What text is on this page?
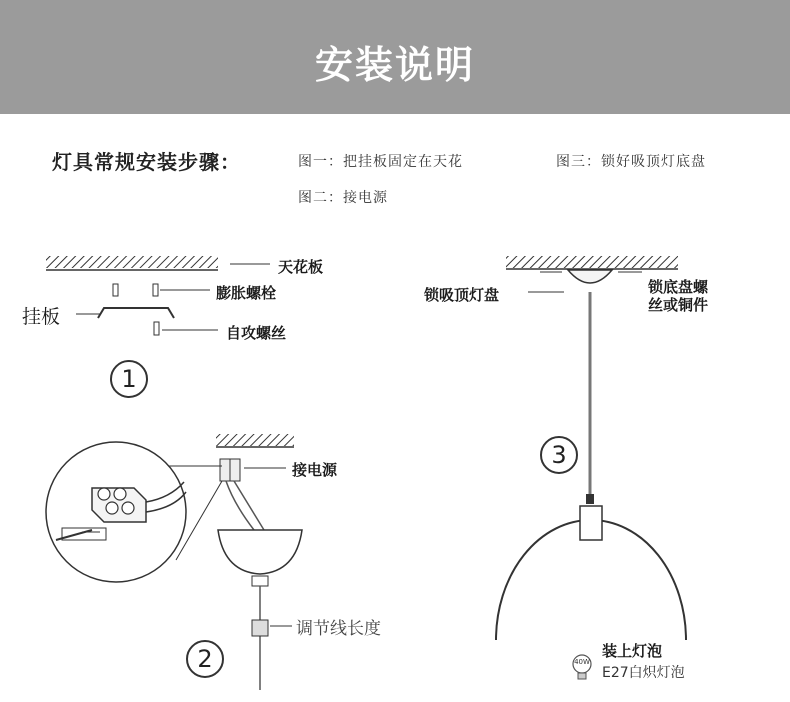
安装说明
灯具常规安装步骤：	图一：把挂板固定在天花
图二：接电源
图三：锁好吸顶灯底盘
天花板
膨胀螺栓
挂板
自攻螺丝
1
接电源
调节线长度
2
锁吸顶灯盘	锁底盘螺
丝或铜件
3
装上灯泡
E27白炽灯泡
40W
